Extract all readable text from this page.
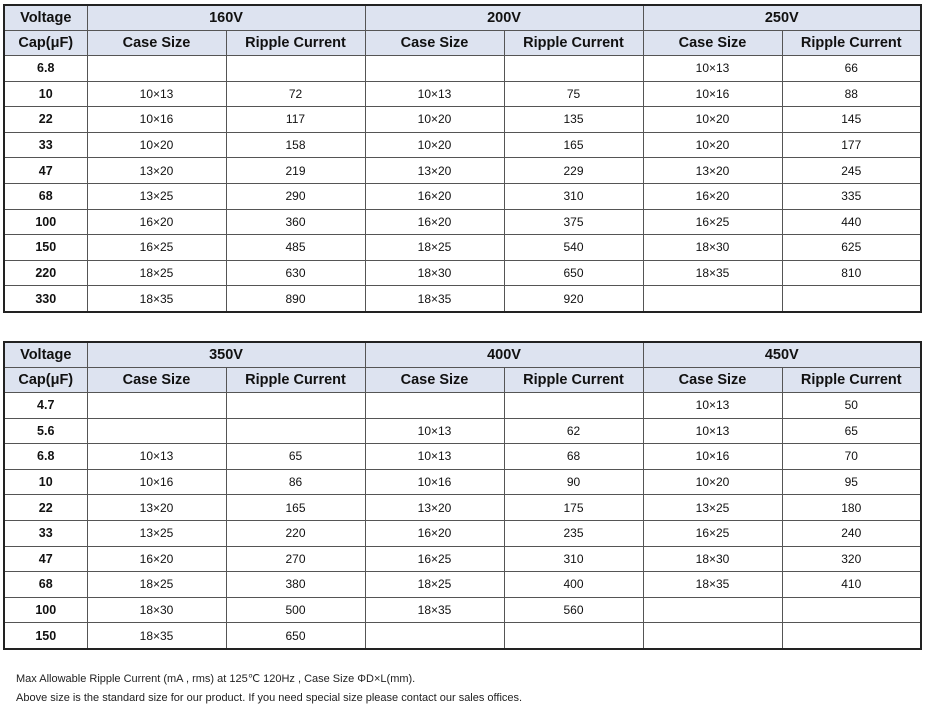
Voltage	160V		200V		250V	
Cap(μF)	Case Size	Ripple Current	Case Size	Ripple Current	Case Size	Ripple Current
6.8					10×13	66
10	10×13	72	10×13	75	10×16	88
22	10×16	117	10×20	135	10×20	145
33	10×20	158	10×20	165	10×20	177
47	13×20	219	13×20	229	13×20	245
68	13×25	290	16×20	310	16×20	335
100	16×20	360	16×20	375	16×25	440
150	16×25	485	18×25	540	18×30	625
220	18×25	630	18×30	650	18×35	810
330	18×35	890	18×35	920		
Voltage	350V		400V		450V	
Cap(μF)	Case Size	Ripple Current	Case Size	Ripple Current	Case Size	Ripple Current
4.7					10×13	50
5.6			10×13	62	10×13	65
6.8	10×13	65	10×13	68	10×16	70
10	10×16	86	10×16	90	10×20	95
22	13×20	165	13×20	175	13×25	180
33	13×25	220	16×20	235	16×25	240
47	16×20	270	16×25	310	18×30	320
68	18×25	380	18×25	400	18×35	410
100	18×30	500	18×35	560		
150	18×35	650				
Max Allowable Ripple Current (mA , rms) at 125℃ 120Hz , Case Size ΦD×L(mm).
Above size is the standard size for our product. If you need special size please contact our sales offices.
